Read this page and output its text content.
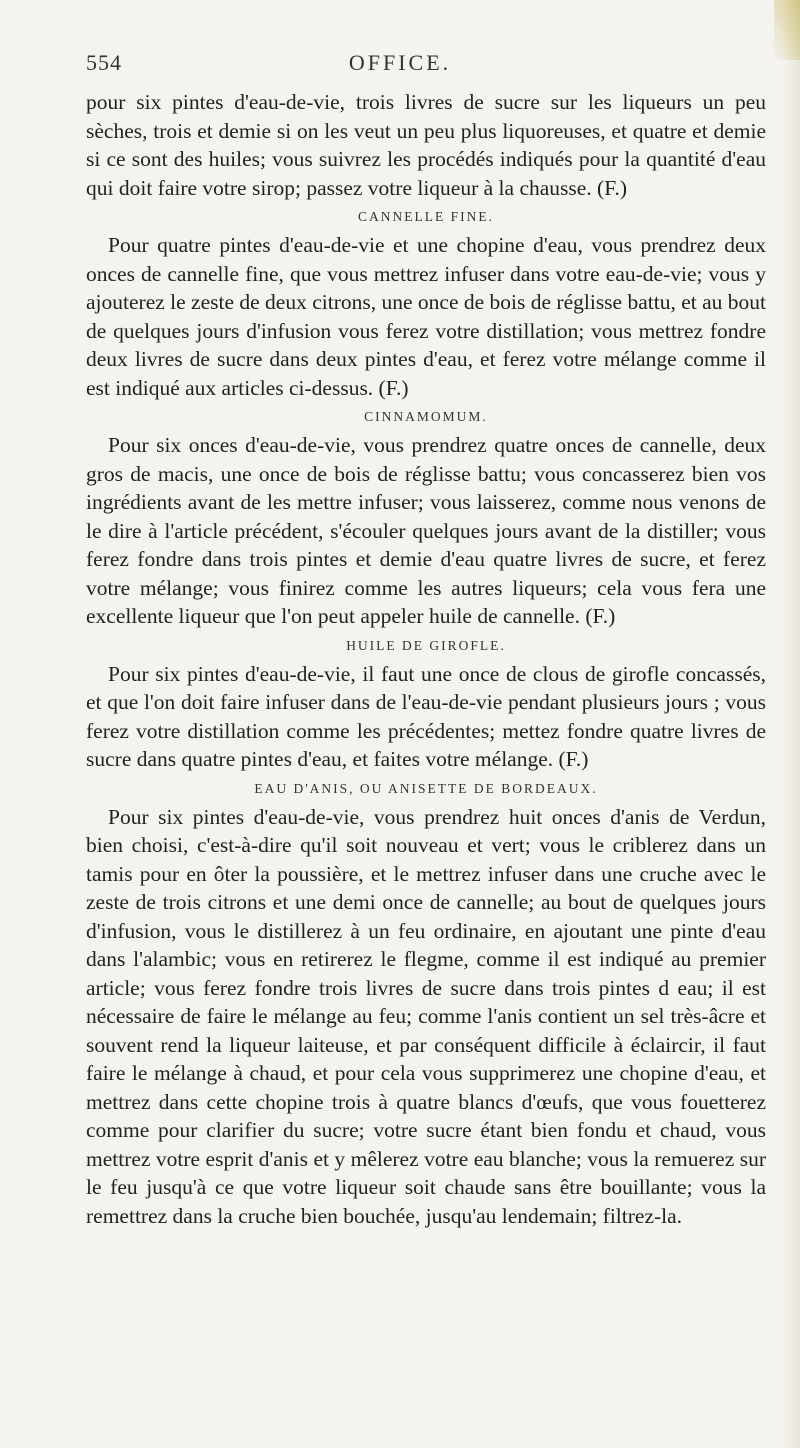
554	OFFICE.

pour six pintes d'eau-de-vie, trois livres de sucre sur les liqueurs un peu sèches, trois et demie si on les veut un peu plus liquoreuses, et quatre et demie si ce sont des huiles; vous suivrez les procédés indiqués pour la quantité d'eau qui doit faire votre sirop; passez votre liqueur à la chausse. (F.)

CANNELLE FINE.

Pour quatre pintes d'eau-de-vie et une chopine d'eau, vous prendrez deux onces de cannelle fine, que vous mettrez infuser dans votre eau-de-vie; vous y ajouterez le zeste de deux citrons, une once de bois de réglisse battu, et au bout de quelques jours d'infusion vous ferez votre distillation; vous mettrez fondre deux livres de sucre dans deux pintes d'eau, et ferez votre mélange comme il est indiqué aux articles ci-dessus. (F.)

CINNAMOMUM.

Pour six onces d'eau-de-vie, vous prendrez quatre onces de cannelle, deux gros de macis, une once de bois de réglisse battu; vous concasserez bien vos ingrédients avant de les mettre infuser; vous laisserez, comme nous venons de le dire à l'article précédent, s'écouler quelques jours avant de la distiller; vous ferez fondre dans trois pintes et demie d'eau quatre livres de sucre, et ferez votre mélange; vous finirez comme les autres liqueurs; cela vous fera une excellente liqueur que l'on peut appeler huile de cannelle. (F.)

HUILE DE GIROFLE.

Pour six pintes d'eau-de-vie, il faut une once de clous de girofle concassés, et que l'on doit faire infuser dans de l'eau-de-vie pendant plusieurs jours ; vous ferez votre distillation comme les précédentes; mettez fondre quatre livres de sucre dans quatre pintes d'eau, et faites votre mélange. (F.)

EAU D'ANIS, OU ANISETTE DE BORDEAUX.

Pour six pintes d'eau-de-vie, vous prendrez huit onces d'anis de Verdun, bien choisi, c'est-à-dire qu'il soit nouveau et vert; vous le criblerez dans un tamis pour en ôter la poussière, et le mettrez infuser dans une cruche avec le zeste de trois citrons et une demi once de cannelle; au bout de quelques jours d'infusion, vous le distillerez à un feu ordinaire, en ajoutant une pinte d'eau dans l'alambic; vous en retirerez le flegme, comme il est indiqué au premier article; vous ferez fondre trois livres de sucre dans trois pintes d eau; il est nécessaire de faire le mélange au feu; comme l'anis contient un sel très-âcre et souvent rend la liqueur laiteuse, et par conséquent difficile à éclaircir, il faut faire le mélange à chaud, et pour cela vous supprimerez une chopine d'eau, et mettrez dans cette chopine trois à quatre blancs d'œufs, que vous fouetterez comme pour clarifier du sucre; votre sucre étant bien fondu et chaud, vous mettrez votre esprit d'anis et y mêlerez votre eau blanche; vous la remuerez sur le feu jusqu'à ce que votre liqueur soit chaude sans être bouillante; vous la remettrez dans la cruche bien bouchée, jusqu'au lendemain; filtrez-la.
